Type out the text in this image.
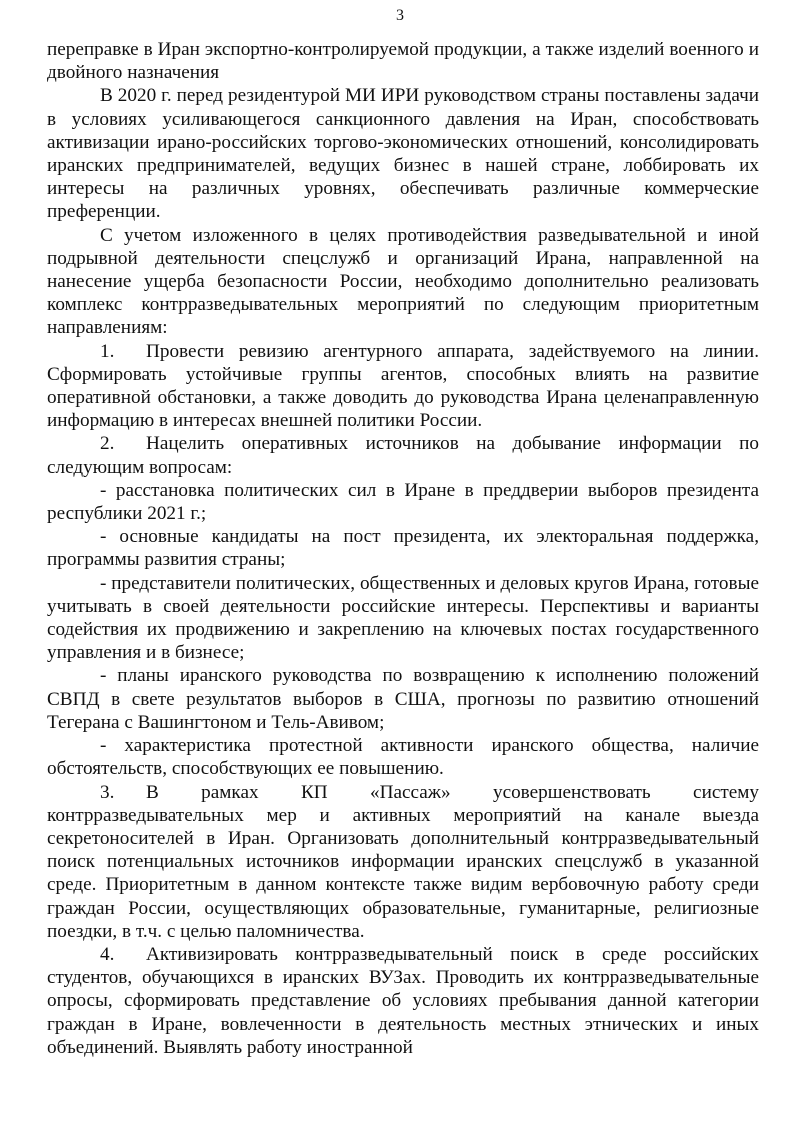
3

переправке в Иран экспортно-контролируемой продукции, а также изделий военного и двойного назначения

В 2020 г. перед резидентурой МИ ИРИ руководством страны поставлены задачи в условиях усиливающегося санкционного давления на Иран, способствовать активизации ирано-российских торгово-экономических отношений, консолидировать иранских предпринимателей, ведущих бизнес в нашей стране, лоббировать их интересы на различных уровнях, обеспечивать различные коммерческие преференции.

С учетом изложенного в целях противодействия разведывательной и иной подрывной деятельности спецслужб и организаций Ирана, направленной на нанесение ущерба безопасности России, необходимо дополнительно реализовать комплекс контрразведывательных мероприятий по следующим приоритетным направлениям:

1. Провести ревизию агентурного аппарата, задействуемого на линии. Сформировать устойчивые группы агентов, способных влиять на развитие оперативной обстановки, а также доводить до руководства Ирана целенаправленную информацию в интересах внешней политики России.

2. Нацелить оперативных источников на добывание информации по следующим вопросам:

- расстановка политических сил в Иране в преддверии выборов президента республики 2021 г.;

- основные кандидаты на пост президента, их электоральная поддержка, программы развития страны;

- представители политических, общественных и деловых кругов Ирана, готовые учитывать в своей деятельности российские интересы. Перспективы и варианты содействия их продвижению и закреплению на ключевых постах государственного управления и в бизнесе;

- планы иранского руководства по возвращению к исполнению положений СВПД в свете результатов выборов в США, прогнозы по развитию отношений Тегерана с Вашингтоном и Тель-Авивом;

- характеристика протестной активности иранского общества, наличие обстоятельств, способствующих ее повышению.

3. В рамках КП «Пассаж» усовершенствовать систему контрразведывательных мер и активных мероприятий на канале выезда секретоносителей в Иран. Организовать дополнительный контрразведывательный поиск потенциальных источников информации иранских спецслужб в указанной среде. Приоритетным в данном контексте также видим вербовочную работу среди граждан России, осуществляющих образовательные, гуманитарные, религиозные поездки, в т.ч. с целью паломничества.

4. Активизировать контрразведывательный поиск в среде российских студентов, обучающихся в иранских ВУЗах. Проводить их контрразведывательные опросы, сформировать представление об условиях пребывания данной категории граждан в Иране, вовлеченности в деятельность местных этнических и иных объединений. Выявлять работу иностранной
